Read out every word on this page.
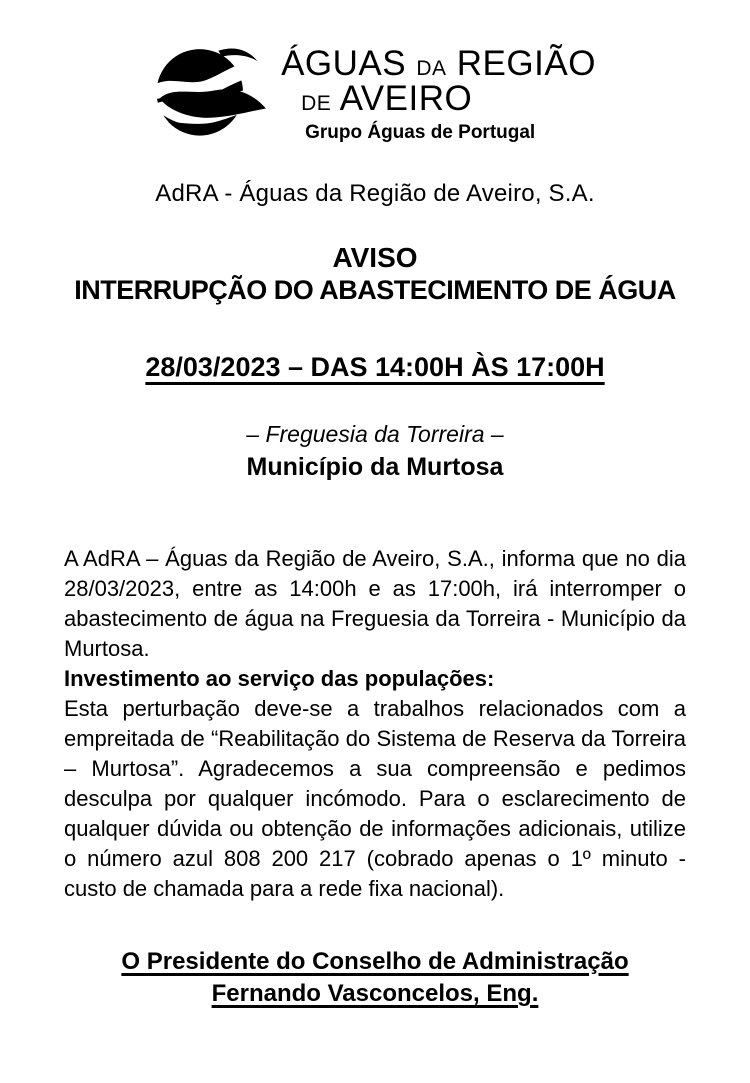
ÁGUAS DA REGIÃO
DE AVEIRO
Grupo Águas de Portugal
AdRA - Águas da Região de Aveiro, S.A.
AVISO
INTERRUPÇÃO DO ABASTECIMENTO DE ÁGUA
28/03/2023 – DAS 14:00H ÀS 17:00H
– Freguesia da Torreira –
Município da Murtosa

A AdRA – Águas da Região de Aveiro, S.A., informa que no dia 28/03/2023, entre as 14:00h e as 17:00h, irá interromper o abastecimento de água na Freguesia da Torreira - Município da Murtosa.

Investimento ao serviço das populações:

Esta perturbação deve-se a trabalhos relacionados com a empreitada de “Reabilitação do Sistema de Reserva da Torreira – Murtosa”. Agradecemos a sua compreensão e pedimos desculpa por qualquer incómodo. Para o esclarecimento de qualquer dúvida ou obtenção de informações adicionais, utilize o número azul 808 200 217 (cobrado apenas o 1º minuto - custo de chamada para a rede fixa nacional).

O Presidente do Conselho de Administração
Fernando Vasconcelos, Eng.
